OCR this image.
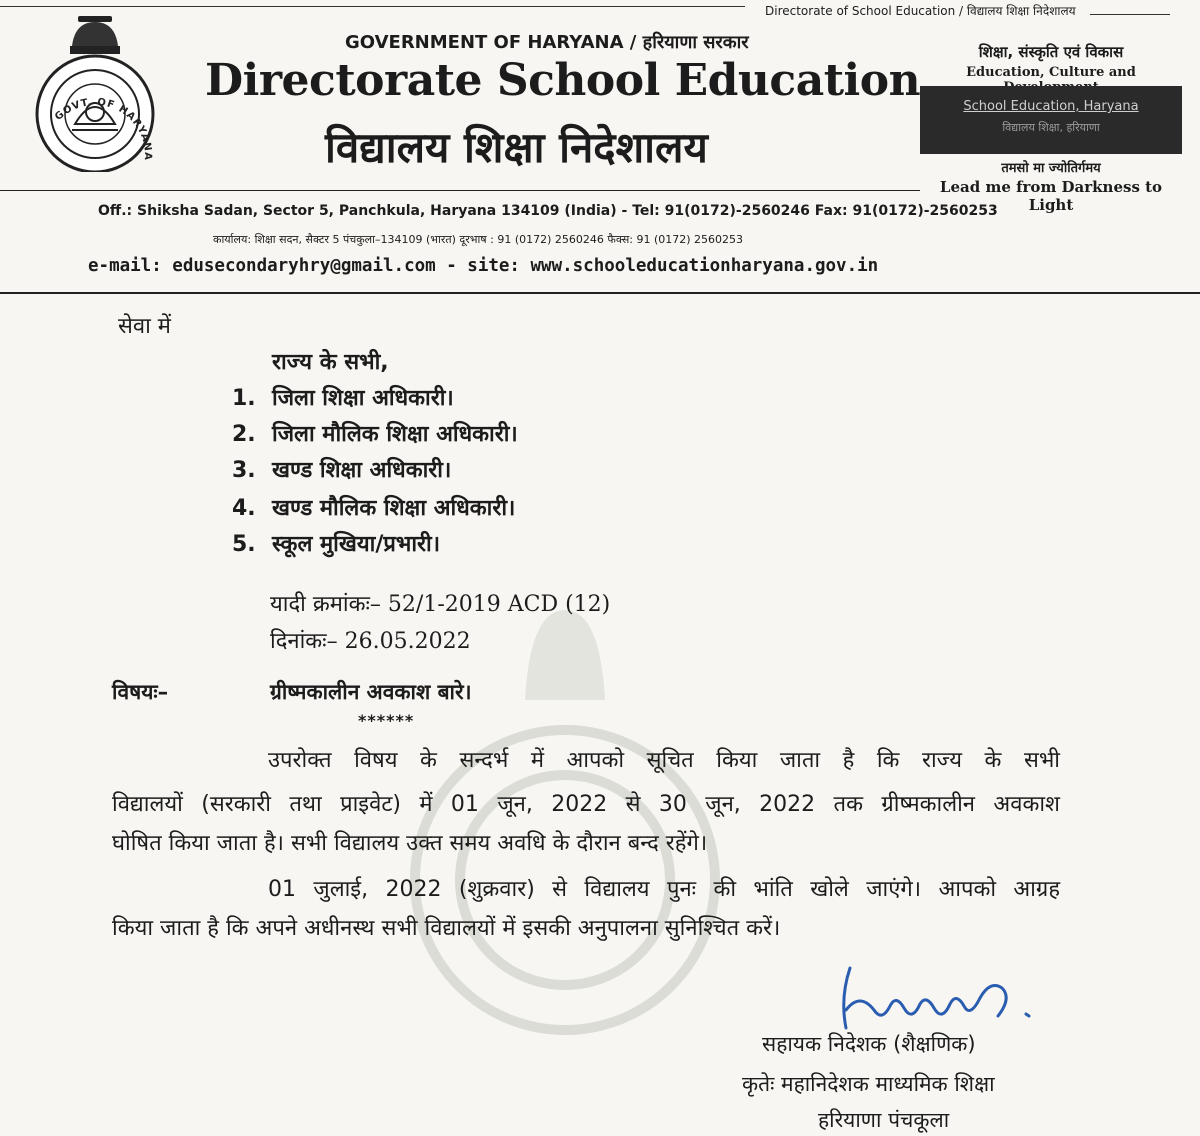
Directorate of School Education / विद्यालय शिक्षा निदेशालय
GOVT. OF HARYANA
GOVERNMENT OF HARYANA / हरियाणा सरकार
Directorate School Education
विद्यालय शिक्षा निदेशालय
शिक्षा, संस्कृति एवं विकास
Education, Culture and
School Education, Haryana
विद्यालय शिक्षा, हरियाणा
तमसो मा ज्योतिर्गमय
Lead me from Darkness to Light
Off.: Shiksha Sadan, Sector 5, Panchkula, Haryana 134109 (India) - Tel: 91(0172)-2560246 Fax: 91(0172)-2560253
कार्यालय: शिक्षा सदन, सैक्टर 5 पंचकुला–134109 (भारत) दूरभाष : 91 (0172) 2560246 फैक्स: 91 (0172) 2560253
e-mail: edusecondaryhry@gmail.com - site: www.schooleducationharyana.gov.in
सेवा में
राज्य के सभी,
1. जिला शिक्षा अधिकारी।
2. जिला मौलिक शिक्षा अधिकारी।
3. खण्ड शिक्षा अधिकारी।
4. खण्ड मौलिक शिक्षा अधिकारी।
5. स्कूल मुखिया/प्रभारी।
यादी क्रमांकः– 52/1-2019 ACD (12)
दिनांकः– 26.05.2022
विषयः–	ग्रीष्मकालीन अवकाश बारे।
******
उपरोक्त विषय के सन्दर्भ में आपको सूचित किया जाता है कि राज्य के सभी
विद्यालयों (सरकारी तथा प्राइवेट) में 01 जून, 2022 से 30 जून, 2022 तक ग्रीष्मकालीन अवकाश
घोषित किया जाता है। सभी विद्यालय उक्त समय अवधि के दौरान बन्द रहेंगे।
01 जुलाई, 2022 (शुक्रवार) से विद्यालय पुनः की भांति खोले जाएंगे। आपको आग्रह
किया जाता है कि अपने अधीनस्थ सभी विद्यालयों में इसकी अनुपालना सुनिश्चित करें।
सहायक निदेशक (शैक्षणिक)
कृतेः महानिदेशक माध्यमिक शिक्षा
हरियाणा पंचकूला
